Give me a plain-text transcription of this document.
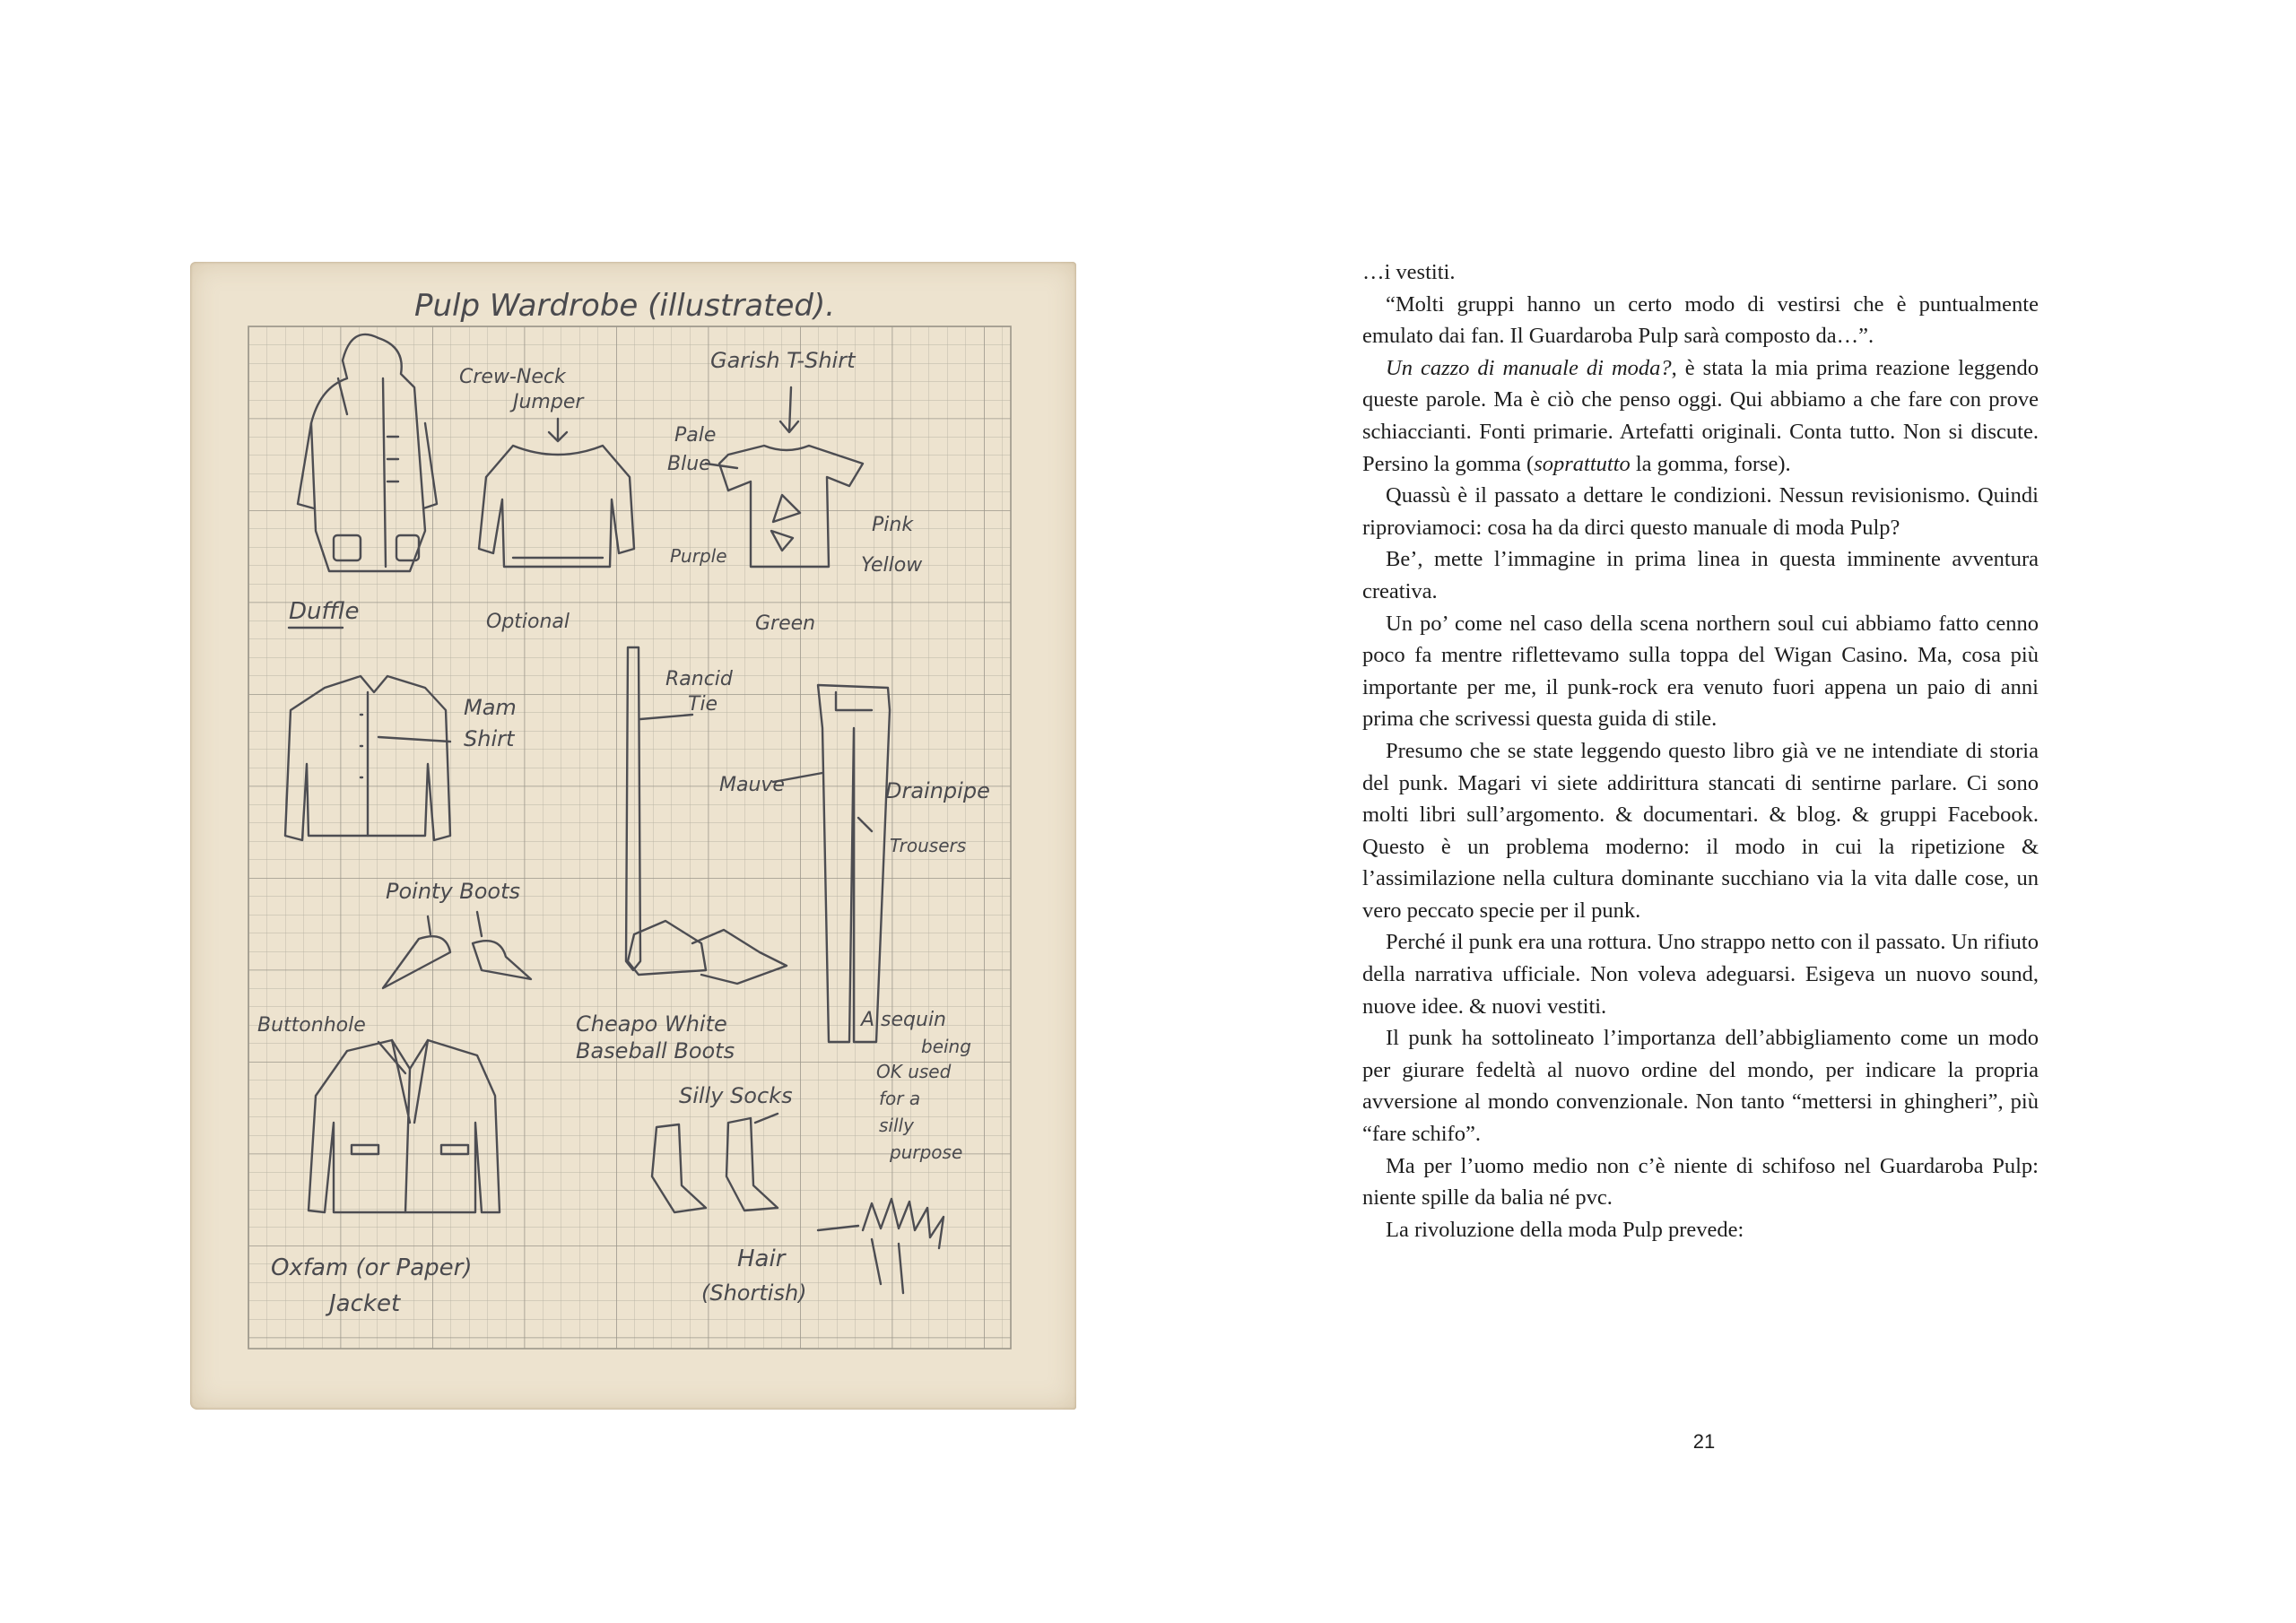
Pulp Wardrobe (illustrated).
Duffle
Crew-Neck
Jumper
Optional
Garish T-Shirt
Pale
Blue
Pink
Yellow
Purple
Green
Mam
Shirt
Rancid
Tie
Mauve	Drainpipe
Trousers
Pointy Boots
Cheapo White
Baseball Boots
Buttonhole
Oxfam (or Paper)
Jacket
A sequin
being
OK used
for a
silly
purpose
Silly Socks
Hair
(Shortish)

…i vestiti.

“Molti gruppi hanno un certo modo di vestirsi che è puntualmente emulato dai fan. Il Guardaroba Pulp sarà composto da…”.

Un cazzo di manuale di moda?, è stata la mia prima reazione leggendo queste parole. Ma è ciò che penso oggi. Qui abbiamo a che fare con prove schiaccianti. Fonti primarie. Artefatti originali. Conta tutto. Non si discute. Persino la gomma (soprattutto la gomma, forse).

Quassù è il passato a dettare le condizioni. Nessun revisionismo. Quindi riproviamoci: cosa ha da dirci questo manuale di moda Pulp?

Be’, mette l’immagine in prima linea in questa imminente avventura creativa.

Un po’ come nel caso della scena northern soul cui abbiamo fatto cenno poco fa mentre riflettevamo sulla toppa del Wigan Casino. Ma, cosa più importante per me, il punk-rock era venuto fuori appena un paio di anni prima che scrivessi questa guida di stile.

Presumo che se state leggendo questo libro già ve ne intendiate di storia del punk. Magari vi siete addirittura stancati di sentirne parlare. Ci sono molti libri sull’argomento. & documentari. & blog. & gruppi Facebook. Questo è un problema moderno: il modo in cui la ripetizione & l’assimilazione nella cultura dominante succhiano via la vita dalle cose, un vero peccato specie per il punk.

Perché il punk era una rottura. Uno strappo netto con il passato. Un rifiuto della narrativa ufficiale. Non voleva adeguarsi. Esigeva un nuovo sound, nuove idee. & nuovi vestiti.

Il punk ha sottolineato l’importanza dell’abbigliamento come un modo per giurare fedeltà al nuovo ordine del mondo, per indicare la propria avversione al mondo convenzionale. Non tanto “mettersi in ghingheri”, più “fare schifo”.

Ma per l’uomo medio non c’è niente di schifoso nel Guardaroba Pulp: niente spille da balia né pvc.

La rivoluzione della moda Pulp prevede:

21
